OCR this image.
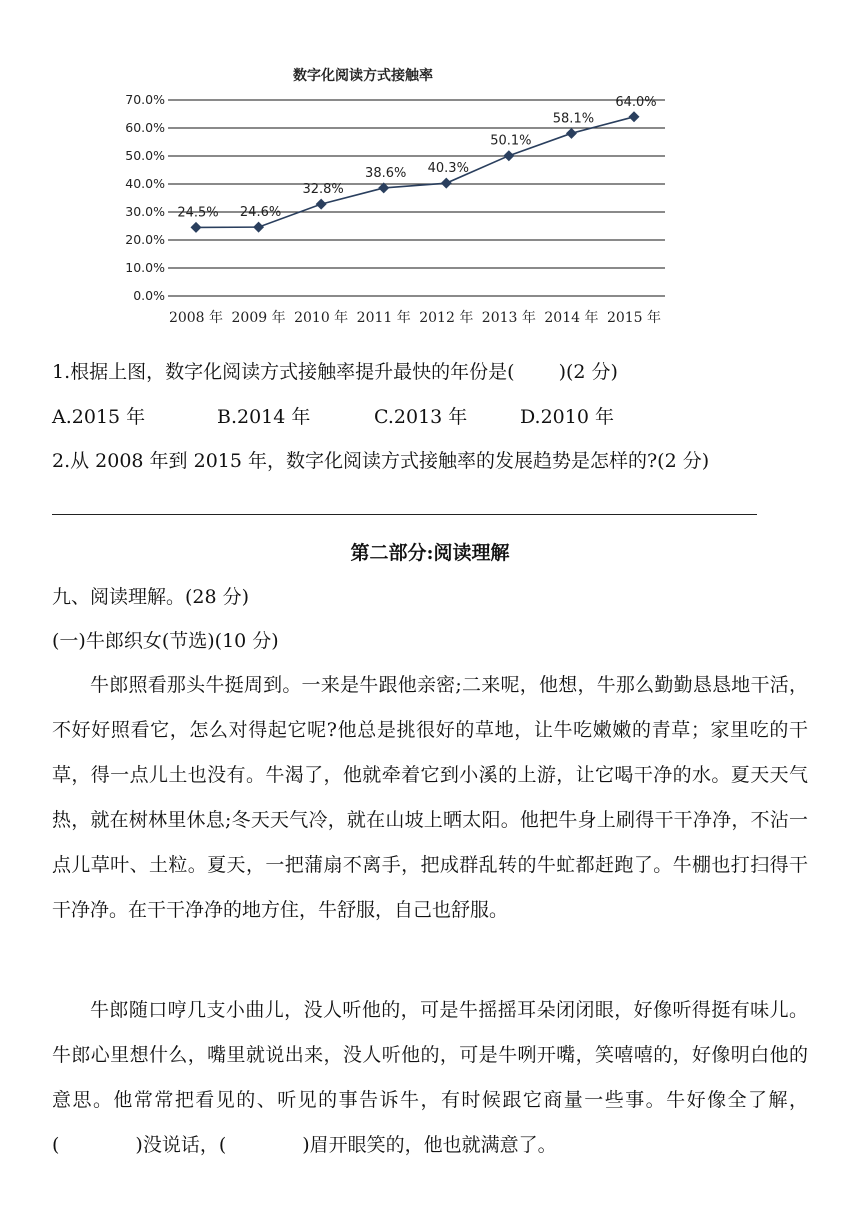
数字化阅读方式接触率
0.0%
10.0%
20.0%
30.0%
40.0%
50.0%
60.0%
70.0%
2008 年 2009 年 2010 年 2011 年 2012 年 2013 年 2014 年 2015 年
24.5% 24.6%
32.8%
38.6% 40.3%
50.1%
58.1%
64.0%
1.根据上图，数字化阅读方式接触率提升最快的年份是(　　 )(2 分)
A.2015 年	B.2014 年	C.2013 年	D.2010 年
2.从 2008 年到 2015 年，数字化阅读方式接触率的发展趋势是怎样的?(2 分)
第二部分:阅读理解
九、阅读理解。(28 分)
(一)牛郎织女(节选)(10 分)
牛郎照看那头牛挺周到。一来是牛跟他亲密;二来呢，他想，牛那么勤勤恳恳地干活，不好好照看它，怎么对得起它呢?他总是挑很好的草地，让牛吃嫩嫩的青草；家里吃的干草，得一点儿土也没有。牛渴了，他就牵着它到小溪的上游，让它喝干净的水。夏天天气热，就在树林里休息;冬天天气冷，就在山坡上晒太阳。他把牛身上刷得干干净净，不沾一点儿草叶、土粒。夏天，一把蒲扇不离手，把成群乱转的牛虻都赶跑了。牛棚也打扫得干干净净。在干干净净的地方住，牛舒服，自己也舒服。
牛郎随口哼几支小曲儿，没人听他的，可是牛摇摇耳朵闭闭眼，好像听得挺有味儿。牛郎心里想什么，嘴里就说出来，没人听他的，可是牛咧开嘴，笑嘻嘻的，好像明白他的意思。他常常把看见的、听见的事告诉牛，有时候跟它商量一些事。牛好像全了解，(　　　　)没说话，(　　　　)眉开眼笑的，他也就满意了。
